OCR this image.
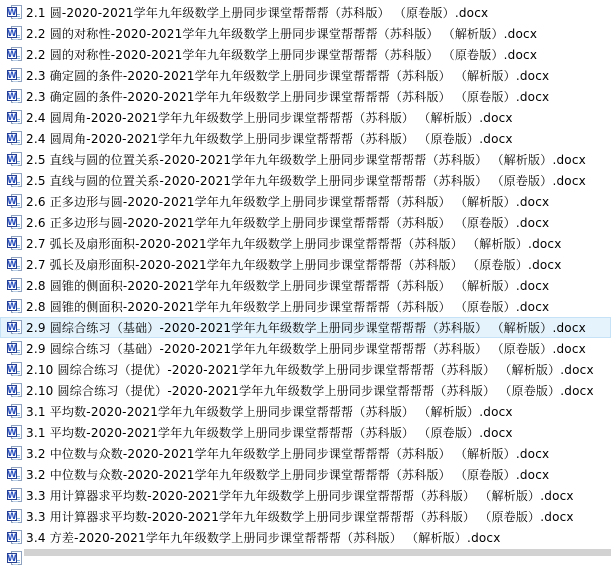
W 2.1 圆-2020-2021学年九年级数学上册同步课堂帮帮帮（苏科版） （原卷版）.docx
W 2.2 圆的对称性-2020-2021学年九年级数学上册同步课堂帮帮帮（苏科版） （解析版）.docx
W 2.2 圆的对称性-2020-2021学年九年级数学上册同步课堂帮帮帮（苏科版） （原卷版）.docx
W 2.3 确定圆的条件-2020-2021学年九年级数学上册同步课堂帮帮帮（苏科版） （解析版）.docx
W 2.3 确定圆的条件-2020-2021学年九年级数学上册同步课堂帮帮帮（苏科版） （原卷版）.docx
W 2.4 圆周角-2020-2021学年九年级数学上册同步课堂帮帮帮（苏科版） （解析版）.docx
W 2.4 圆周角-2020-2021学年九年级数学上册同步课堂帮帮帮（苏科版） （原卷版）.docx
W 2.5 直线与圆的位置关系-2020-2021学年九年级数学上册同步课堂帮帮帮（苏科版） （解析版）.docx
W 2.5 直线与圆的位置关系-2020-2021学年九年级数学上册同步课堂帮帮帮（苏科版） （原卷版）.docx
W 2.6 正多边形与圆-2020-2021学年九年级数学上册同步课堂帮帮帮（苏科版） （解析版）.docx
W 2.6 正多边形与圆-2020-2021学年九年级数学上册同步课堂帮帮帮（苏科版） （原卷版）.docx
W 2.7 弧长及扇形面积-2020-2021学年九年级数学上册同步课堂帮帮帮（苏科版） （解析版）.docx
W 2.7 弧长及扇形面积-2020-2021学年九年级数学上册同步课堂帮帮帮（苏科版） （原卷版）.docx
W 2.8 圆锥的侧面积-2020-2021学年九年级数学上册同步课堂帮帮帮（苏科版） （解析版）.docx
W 2.8 圆锥的侧面积-2020-2021学年九年级数学上册同步课堂帮帮帮（苏科版） （原卷版）.docx
W 2.9 圆综合练习（基础）-2020-2021学年九年级数学上册同步课堂帮帮帮（苏科版） （解析版）.docx
W 2.9 圆综合练习（基础）-2020-2021学年九年级数学上册同步课堂帮帮帮（苏科版） （原卷版）.docx
W 2.10 圆综合练习（提优）-2020-2021学年九年级数学上册同步课堂帮帮帮（苏科版） （解析版）.docx
W 2.10 圆综合练习（提优）-2020-2021学年九年级数学上册同步课堂帮帮帮（苏科版） （原卷版）.docx
W 3.1 平均数-2020-2021学年九年级数学上册同步课堂帮帮帮（苏科版） （解析版）.docx
W 3.1 平均数-2020-2021学年九年级数学上册同步课堂帮帮帮（苏科版） （原卷版）.docx
W 3.2 中位数与众数-2020-2021学年九年级数学上册同步课堂帮帮帮（苏科版） （解析版）.docx
W 3.2 中位数与众数-2020-2021学年九年级数学上册同步课堂帮帮帮（苏科版） （原卷版）.docx
W 3.3 用计算器求平均数-2020-2021学年九年级数学上册同步课堂帮帮帮（苏科版） （解析版）.docx
W 3.3 用计算器求平均数-2020-2021学年九年级数学上册同步课堂帮帮帮（苏科版） （原卷版）.docx
W 3.4 方差-2020-2021学年九年级数学上册同步课堂帮帮帮（苏科版） （解析版）.docx
W
